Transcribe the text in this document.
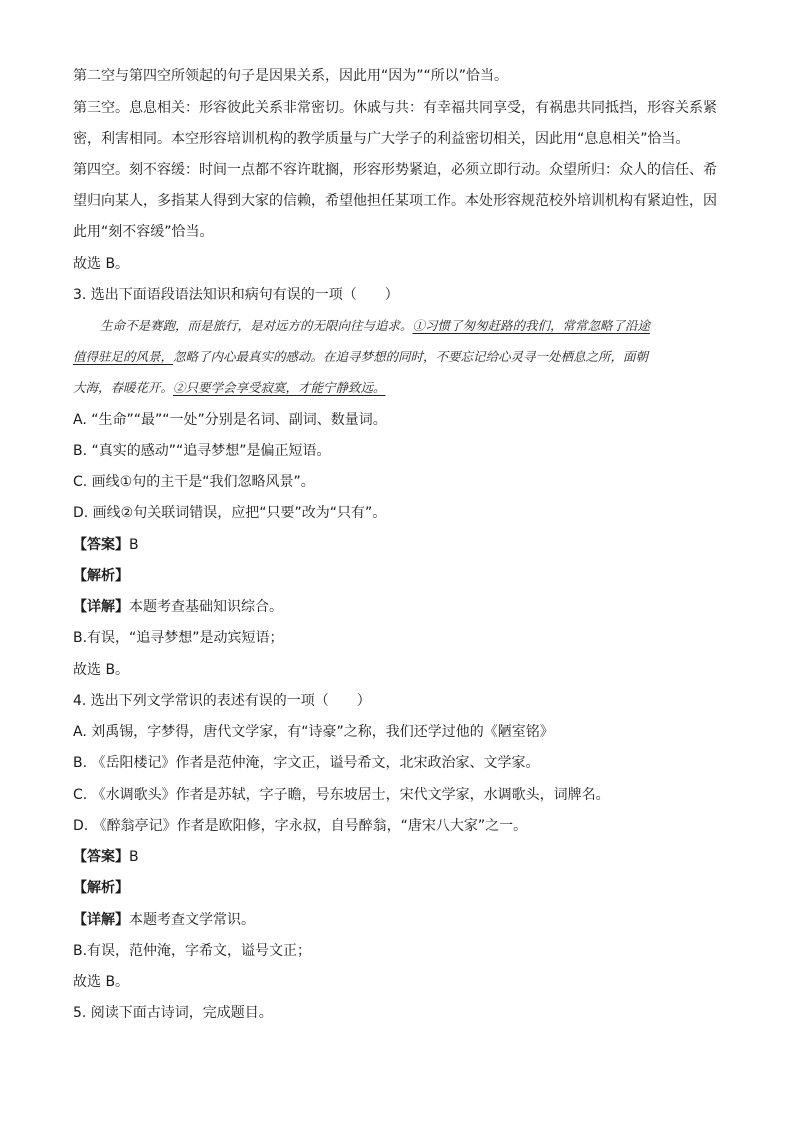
第二空与第四空所领起的句子是因果关系，因此用“因为”“所以”恰当。
第三空。息息相关：形容彼此关系非常密切。休戚与共：有幸福共同享受，有祸患共同抵挡，形容关系紧
密，利害相同。本空形容培训机构的教学质量与广大学子的利益密切相关，因此用“息息相关”恰当。
第四空。刻不容缓：时间一点都不容许耽搁，形容形势紧迫，必须立即行动。众望所归：众人的信任、希
望归向某人，多指某人得到大家的信赖，希望他担任某项工作。本处形容规范校外培训机构有紧迫性，因
此用“刻不容缓”恰当。
故选 B。
3. 选出下面语段语法知识和病句有误的一项（　　）
生命不是赛跑，而是旅行，是对远方的无限向往与追求。①习惯了匆匆赶路的我们，常常忽略了沿途
值得驻足的风景，忽略了内心最真实的感动。在追寻梦想的同时，不要忘记给心灵寻一处栖息之所，面朝
大海，春暖花开。②只要学会享受寂寞，才能宁静致远。
A. “生命”“最”“一处”分别是名词、副词、数量词。
B. “真实的感动”“追寻梦想”是偏正短语。
C. 画线①句的主干是“我们忽略风景”。
D. 画线②句关联词错误，应把“只要”改为“只有”。
【答案】B
【解析】
【详解】本题考查基础知识综合。
B.有误，“追寻梦想”是动宾短语；
故选 B。
4. 选出下列文学常识的表述有误的一项（　　）
A. 刘禹锡，字梦得，唐代文学家，有“诗豪”之称，我们还学过他的《陋室铭》
B. 《岳阳楼记》作者是范仲淹，字文正，谥号希文，北宋政治家、文学家。
C. 《水调歌头》作者是苏轼，字子瞻，号东坡居士，宋代文学家，水调歌头，词牌名。
D. 《醉翁亭记》作者是欧阳修，字永叔，自号醉翁，“唐宋八大家”之一。
【答案】B
【解析】
【详解】本题考查文学常识。
B.有误，范仲淹，字希文，谥号文正；
故选 B。
5. 阅读下面古诗词，完成题目。
